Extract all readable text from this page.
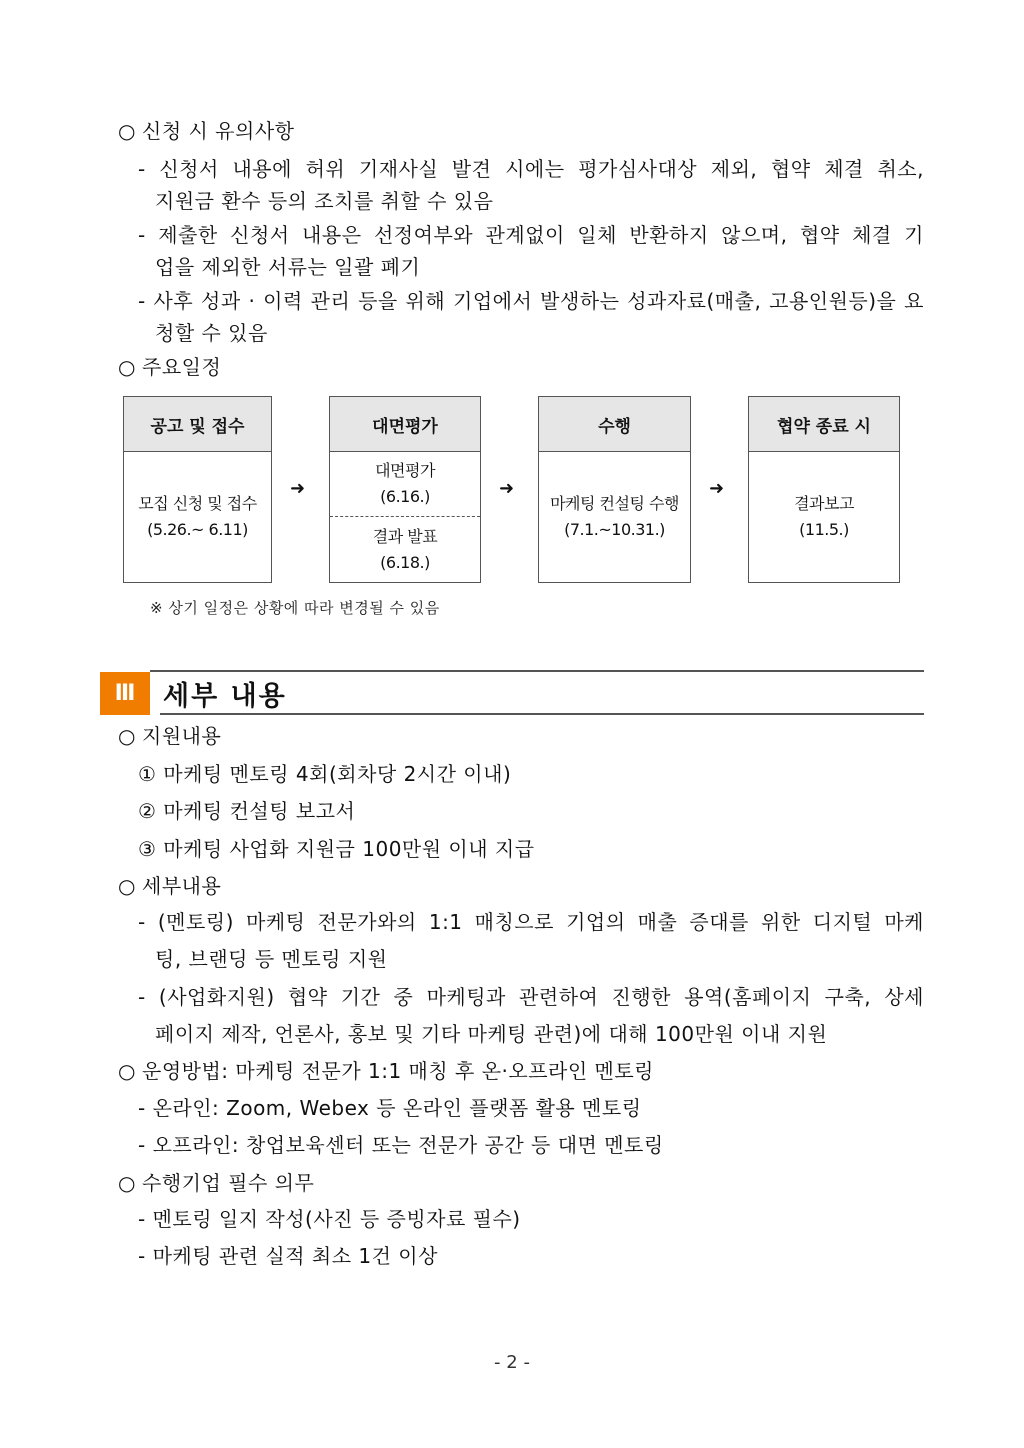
○ 신청 시 유의사항
- 신청서 내용에 허위 기재사실 발견 시에는 평가심사대상 제외, 협약 체결 취소,
지원금 환수 등의 조치를 취할 수 있음
- 제출한 신청서 내용은 선정여부와 관계없이 일체 반환하지 않으며, 협약 체결 기
업을 제외한 서류는 일괄 폐기
- 사후 성과 · 이력 관리 등을 위해 기업에서 발생하는 성과자료(매출, 고용인원등)을 요
청할 수 있음
○ 주요일정
공고 및 접수
모집 신청 및 접수
(5.26.~ 6.11)
➜
대면평가
대면평가
(6.16.)
결과 발표
(6.18.)
➜
수행
마케팅 컨설팅 수행
(7.1.~10.31.)
➜
협약 종료 시
결과보고
(11.5.)
※ 상기 일정은 상황에 따라 변경될 수 있음
Ⅲ	세부 내용
○ 지원내용
① 마케팅 멘토링 4회(회차당 2시간 이내)
② 마케팅 컨설팅 보고서
③ 마케팅 사업화 지원금 100만원 이내 지급
○ 세부내용
- (멘토링) 마케팅 전문가와의 1:1 매칭으로 기업의 매출 증대를 위한 디지털 마케
팅, 브랜딩 등 멘토링 지원
- (사업화지원) 협약 기간 중 마케팅과 관련하여 진행한 용역(홈페이지 구축, 상세
페이지 제작, 언론사, 홍보 및 기타 마케팅 관련)에 대해 100만원 이내 지원
○ 운영방법: 마케팅 전문가 1:1 매칭 후 온·오프라인 멘토링
- 온라인: Zoom, Webex 등 온라인 플랫폼 활용 멘토링
- 오프라인: 창업보육센터 또는 전문가 공간 등 대면 멘토링
○ 수행기업 필수 의무
- 멘토링 일지 작성(사진 등 증빙자료 필수)
- 마케팅 관련 실적 최소 1건 이상
- 2 -
